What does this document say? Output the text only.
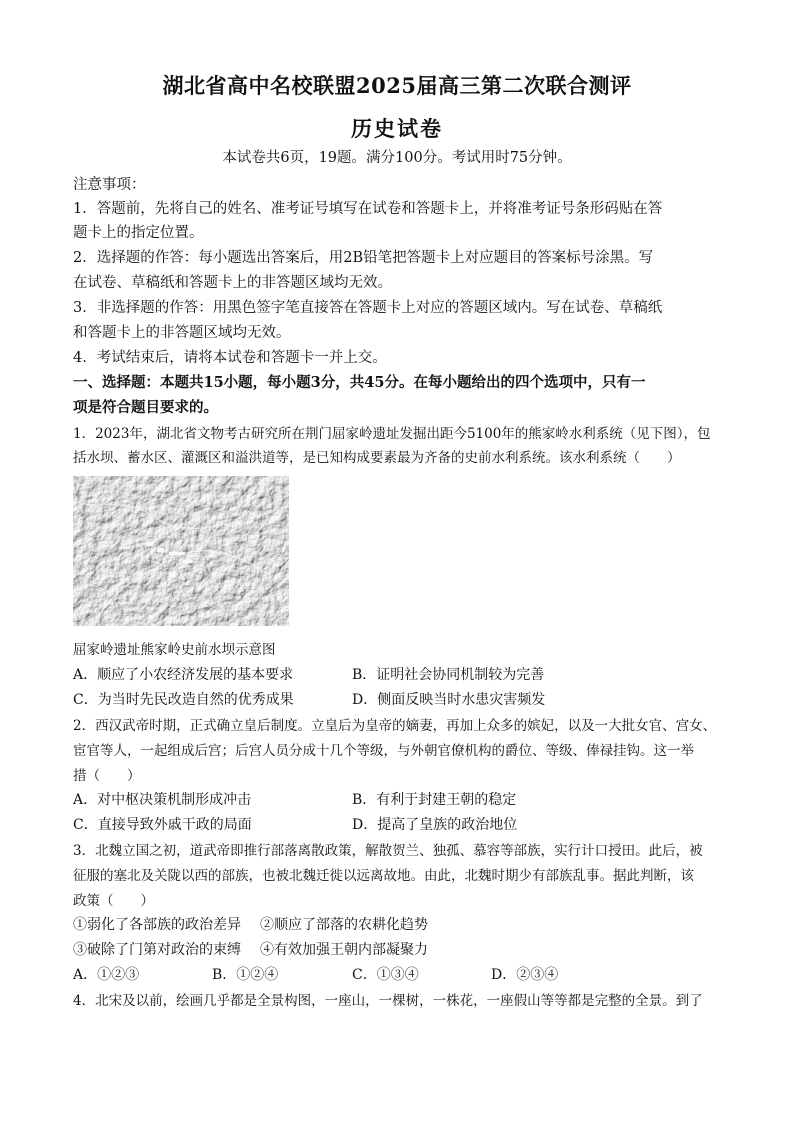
湖北省高中名校联盟2025届高三第二次联合测评
历史试卷
本试卷共6页，19题。满分100分。考试用时75分钟。
注意事项：
1．答题前，先将自己的姓名、准考证号填写在试卷和答题卡上，并将准考证号条形码贴在答
题卡上的指定位置。
2．选择题的作答：每小题选出答案后，用2B铅笔把答题卡上对应题目的答案标号涂黑。写
在试卷、草稿纸和答题卡上的非答题区域均无效。
3．非选择题的作答：用黑色签字笔直接答在答题卡上对应的答题区域内。写在试卷、草稿纸
和答题卡上的非答题区域均无效。
4．考试结束后，请将本试卷和答题卡一并上交。
一、选择题：本题共15小题，每小题3分，共45分。在每小题给出的四个选项中，只有一
项是符合题目要求的。
1．2023年，湖北省文物考古研究所在荆门屈家岭遗址发掘出距今5100年的熊家岭水利系统（见下图），包
括水坝、蓄水区、灌溉区和溢洪道等，是已知构成要素最为齐备的史前水利系统。该水利系统（　　）
屈家岭遗址熊家岭史前水坝示意图
A．顺应了小农经济发展的基本要求	B．证明社会协同机制较为完善
C．为当时先民改造自然的优秀成果	D．侧面反映当时水患灾害频发
2．西汉武帝时期，正式确立皇后制度。立皇后为皇帝的嫡妻，再加上众多的嫔妃，以及一大批女官、宫女、
宦官等人，一起组成后宫；后宫人员分成十几个等级，与外朝官僚机构的爵位、等级、俸禄挂钩。这一举
措（　　）
A．对中枢决策机制形成冲击	B．有利于封建王朝的稳定
C．直接导致外戚干政的局面	D．提高了皇族的政治地位
3．北魏立国之初，道武帝即推行部落离散政策，解散贺兰、独孤、慕容等部族，实行计口授田。此后，被
征服的塞北及关陇以西的部族，也被北魏迁徙以远离故地。由此，北魏时期少有部族乱事。据此判断，该
政策（　　）
①弱化了各部族的政治差异 ②顺应了部落的农耕化趋势
③破除了门第对政治的束缚 ④有效加强王朝内部凝聚力
A．①②③	B．①②④	C．①③④	D．②③④
4．北宋及以前，绘画几乎都是全景构图，一座山，一棵树，一株花，一座假山等等都是完整的全景。到了
